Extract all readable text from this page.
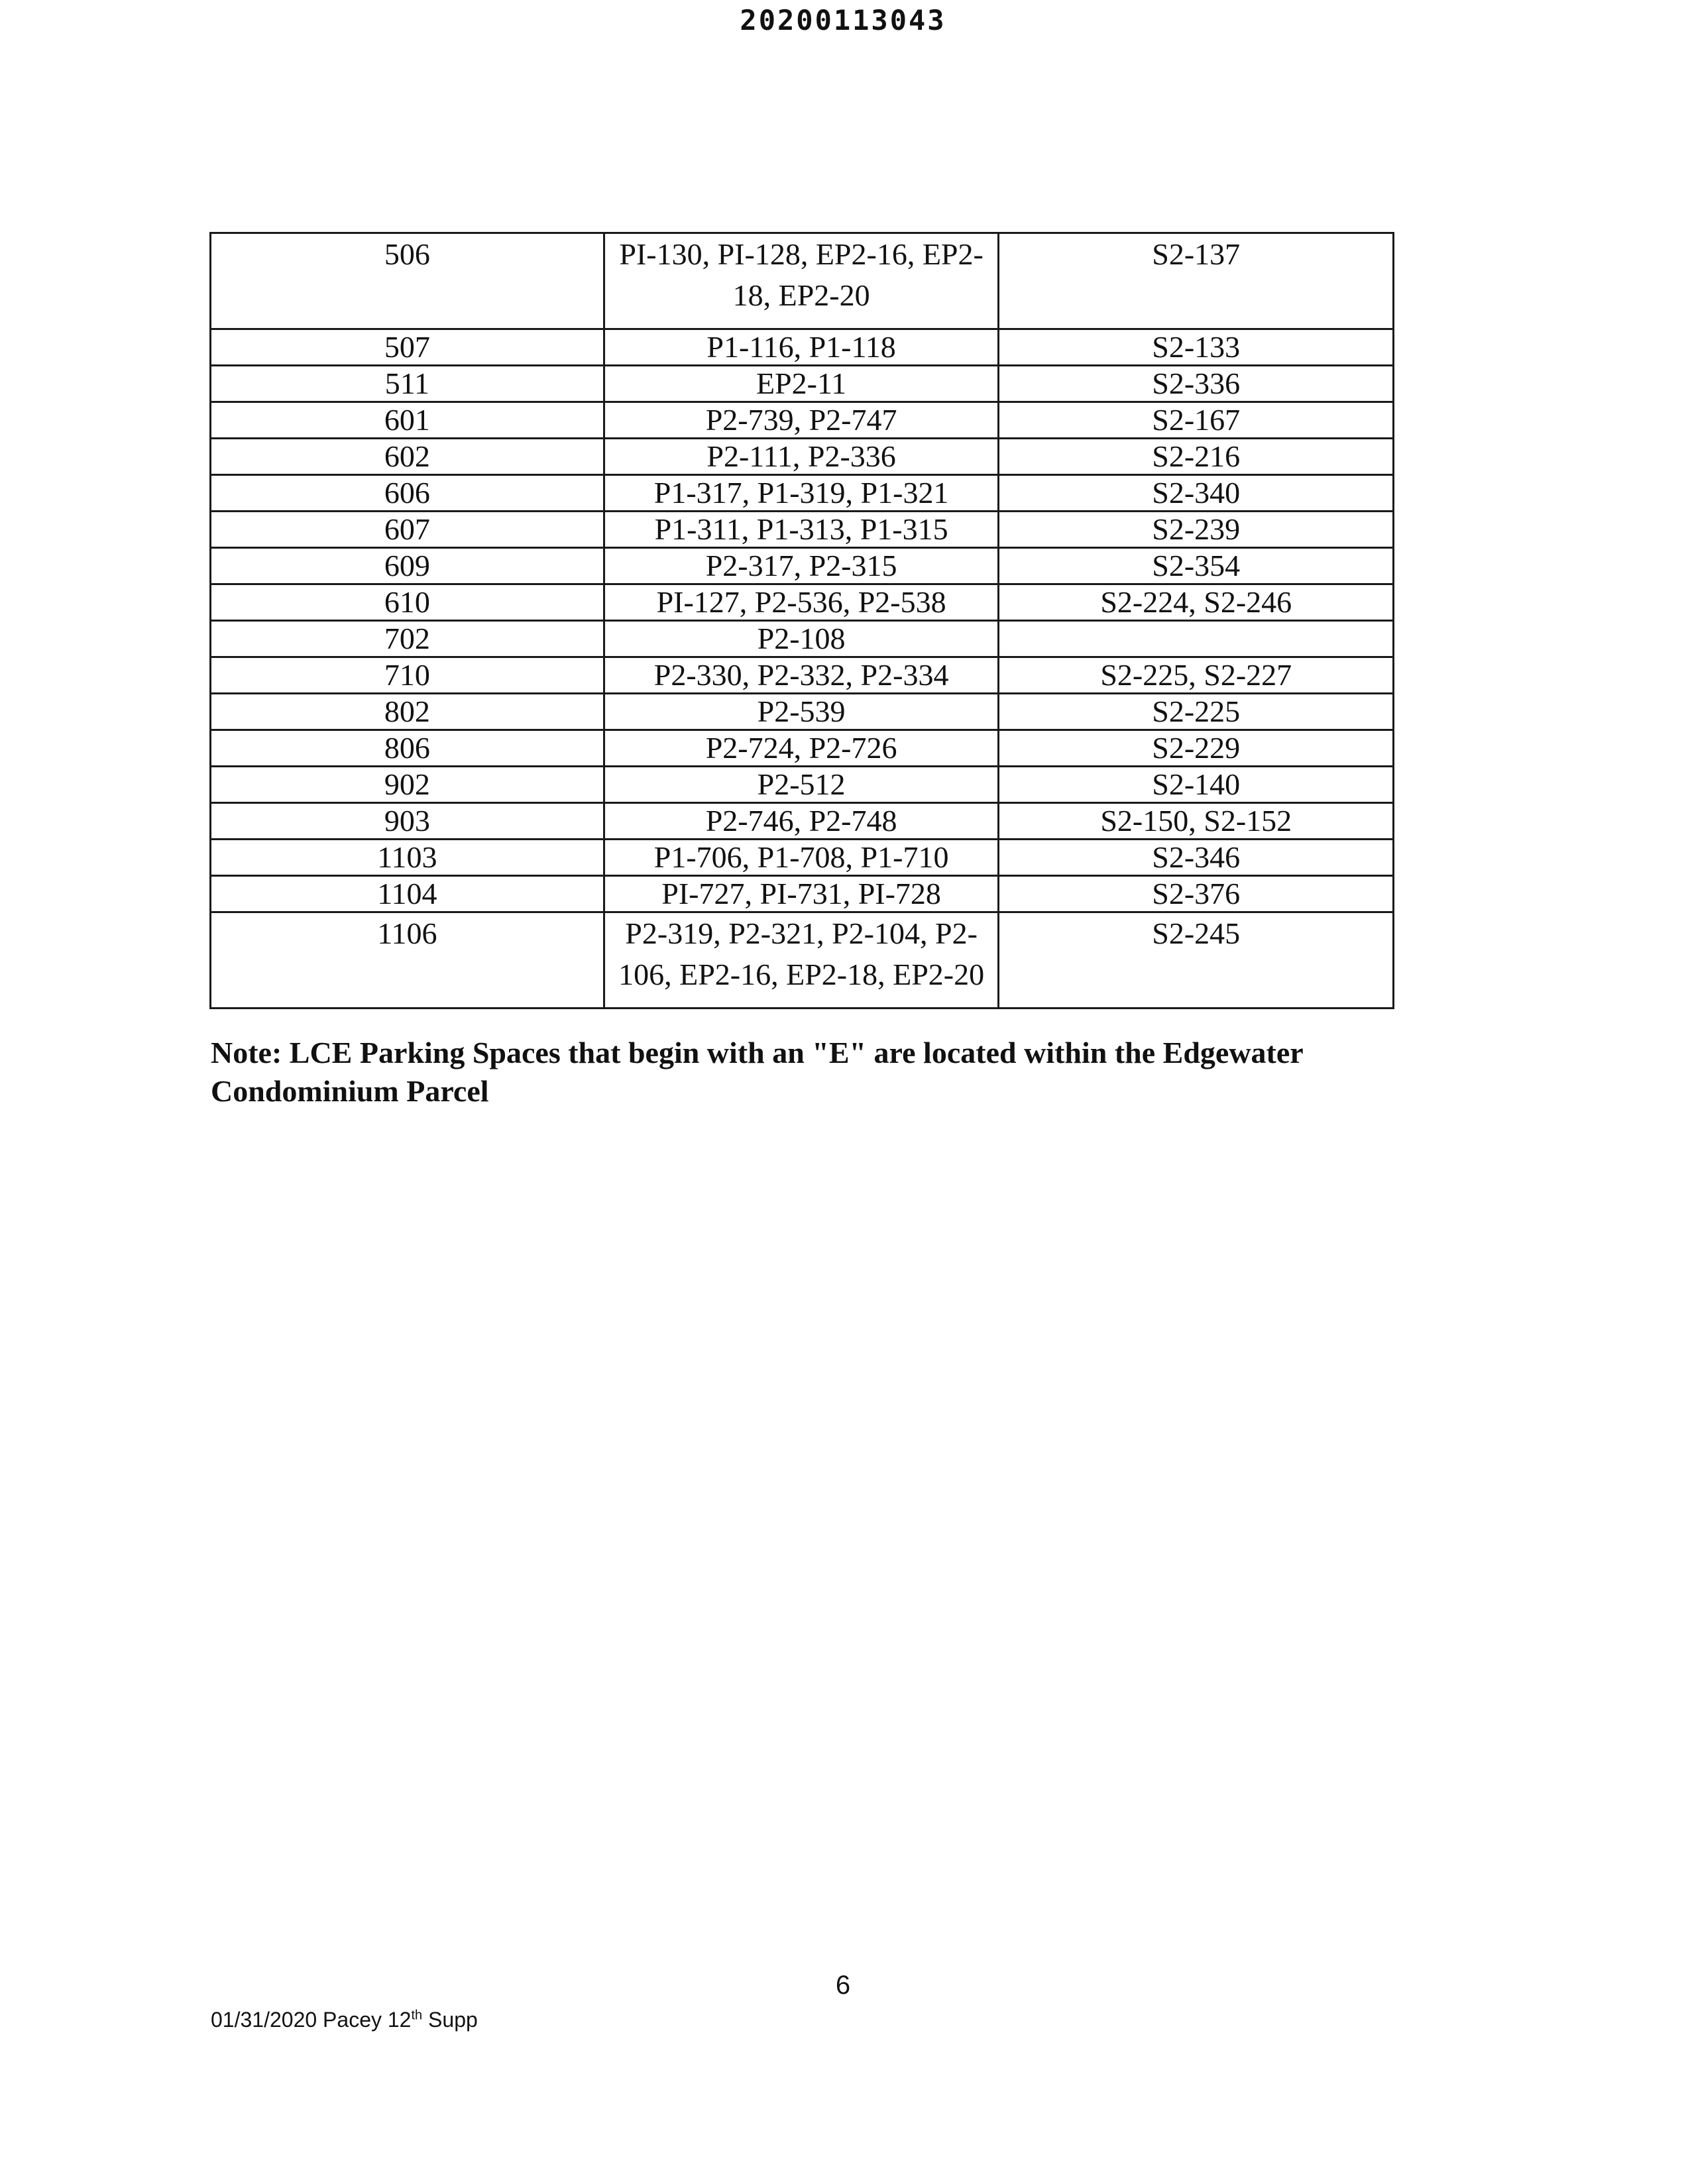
20200113043
506	PI-130, PI-128, EP2-16, EP2-18, EP2-20	S2-137
507	P1-116, P1-118	S2-133
511	EP2-11	S2-336
601	P2-739, P2-747	S2-167
602	P2-111, P2-336	S2-216
606	P1-317, P1-319, P1-321	S2-340
607	P1-311, P1-313, P1-315	S2-239
609	P2-317, P2-315	S2-354
610	PI-127, P2-536, P2-538	S2-224, S2-246
702	P2-108	
710	P2-330, P2-332, P2-334	S2-225, S2-227
802	P2-539	S2-225
806	P2-724, P2-726	S2-229
902	P2-512	S2-140
903	P2-746, P2-748	S2-150, S2-152
1103	P1-706, P1-708, P1-710	S2-346
1104	PI-727, PI-731, PI-728	S2-376
1106	P2-319, P2-321, P2-104, P2-106, EP2-16, EP2-18, EP2-20	S2-245
Note: LCE Parking Spaces that begin with an "E" are located within the Edgewater Condominium Parcel
6
01/31/2020 Pacey 12th Supp
